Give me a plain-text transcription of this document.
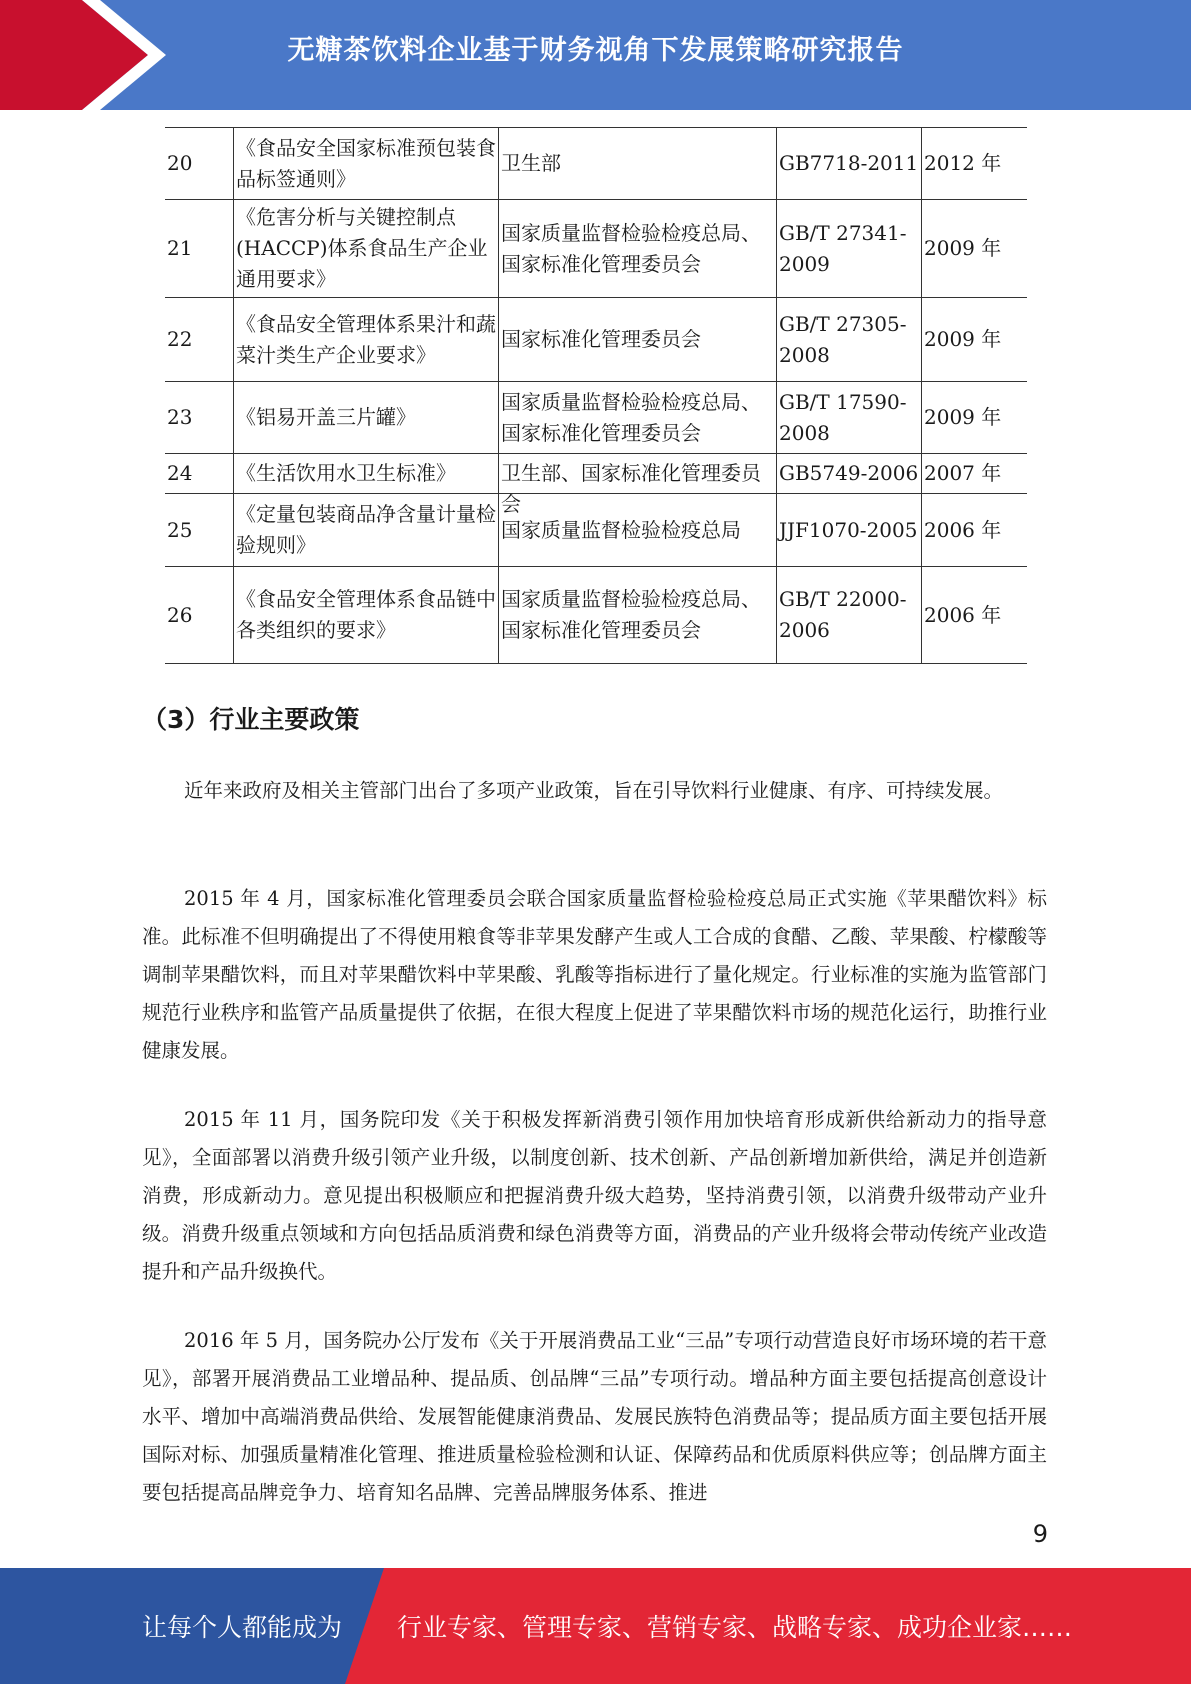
无糖茶饮料企业基于财务视角下发展策略研究报告
20	《食品安全国家标准预包装食品标签通则》	卫生部	GB7718-2011	2012 年
21	《危害分析与关键控制点(HACCP)体系食品生产企业通用要求》	国家质量监督检验检疫总局、国家标准化管理委员会	GB/T 27341-2009	2009 年
22	《食品安全管理体系果汁和蔬菜汁类生产企业要求》	国家标准化管理委员会	GB/T 27305-2008	2009 年
23	《铝易开盖三片罐》	国家质量监督检验检疫总局、国家标准化管理委员会	GB/T 17590-2008	2009 年
24	《生活饮用水卫生标准》	卫生部、国家标准化管理委员会	GB5749-2006	2007 年
25	《定量包装商品净含量计量检验规则》	国家质量监督检验检疫总局	JJF1070-2005	2006 年
26	《食品安全管理体系食品链中各类组织的要求》	国家质量监督检验检疫总局、国家标准化管理委员会	GB/T 22000-2006	2006 年
（3）行业主要政策

近年来政府及相关主管部门出台了多项产业政策，旨在引导饮料行业健康、有序、可持续发展。

2015 年 4 月，国家标准化管理委员会联合国家质量监督检验检疫总局正式实施《苹果醋饮料》标准。此标准不但明确提出了不得使用粮食等非苹果发酵产生或人工合成的食醋、乙酸、苹果酸、柠檬酸等调制苹果醋饮料，而且对苹果醋饮料中苹果酸、乳酸等指标进行了量化规定。行业标准的实施为监管部门规范行业秩序和监管产品质量提供了依据，在很大程度上促进了苹果醋饮料市场的规范化运行，助推行业健康发展。

2015 年 11 月，国务院印发《关于积极发挥新消费引领作用加快培育形成新供给新动力的指导意见》，全面部署以消费升级引领产业升级，以制度创新、技术创新、产品创新增加新供给，满足并创造新消费，形成新动力。意见提出积极顺应和把握消费升级大趋势，坚持消费引领，以消费升级带动产业升级。消费升级重点领域和方向包括品质消费和绿色消费等方面，消费品的产业升级将会带动传统产业改造提升和产品升级换代。

2016 年 5 月，国务院办公厅发布《关于开展消费品工业“三品”专项行动营造良好市场环境的若干意见》，部署开展消费品工业增品种、提品质、创品牌“三品”专项行动。增品种方面主要包括提高创意设计水平、增加中高端消费品供给、发展智能健康消费品、发展民族特色消费品等；提品质方面主要包括开展国际对标、加强质量精准化管理、推进质量检验检测和认证、保障药品和优质原料供应等；创品牌方面主要包括提高品牌竞争力、培育知名品牌、完善品牌服务体系、推进

9
让每个人都能成为 行业专家、管理专家、营销专家、战略专家、成功企业家……
